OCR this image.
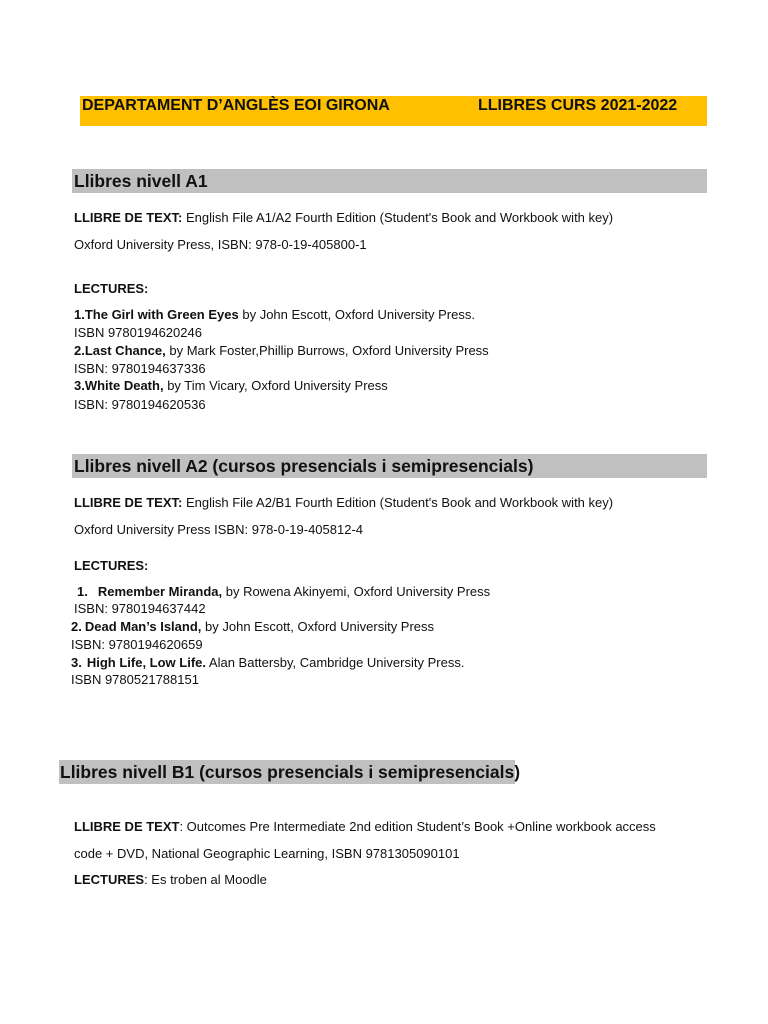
DEPARTAMENT D’ANGLÈS EOI GIRONA	LLIBRES CURS 2021-2022
Llibres nivell A1
LLIBRE DE TEXT: English File A1/A2 Fourth Edition (Student's Book and Workbook with key)
Oxford University Press, ISBN: 978-0-19-405800-1
LECTURES:
1.The Girl with Green Eyes by John Escott, Oxford University Press.
ISBN 9780194620246
2.Last Chance, by Mark Foster,Phillip Burrows, Oxford University Press
ISBN: 9780194637336
3.White Death, by Tim Vicary, Oxford University Press
ISBN: 9780194620536
Llibres nivell A2 (cursos presencials i semipresencials)
LLIBRE DE TEXT: English File A2/B1 Fourth Edition (Student's Book and Workbook with key)
Oxford University Press ISBN: 978-0-19-405812-4
LECTURES:
1. Remember Miranda, by Rowena Akinyemi, Oxford University Press
ISBN: 9780194637442
2. Dead Man’s Island, by John Escott, Oxford University Press
ISBN: 9780194620659
3. High Life, Low Life. Alan Battersby, Cambridge University Press.
ISBN 9780521788151
Llibres nivell B1 (cursos presencials i semipresencials)
LLIBRE DE TEXT: Outcomes Pre Intermediate 2nd edition Student’s Book +Online workbook access
code + DVD, National Geographic Learning, ISBN 9781305090101
LECTURES: Es troben al Moodle
